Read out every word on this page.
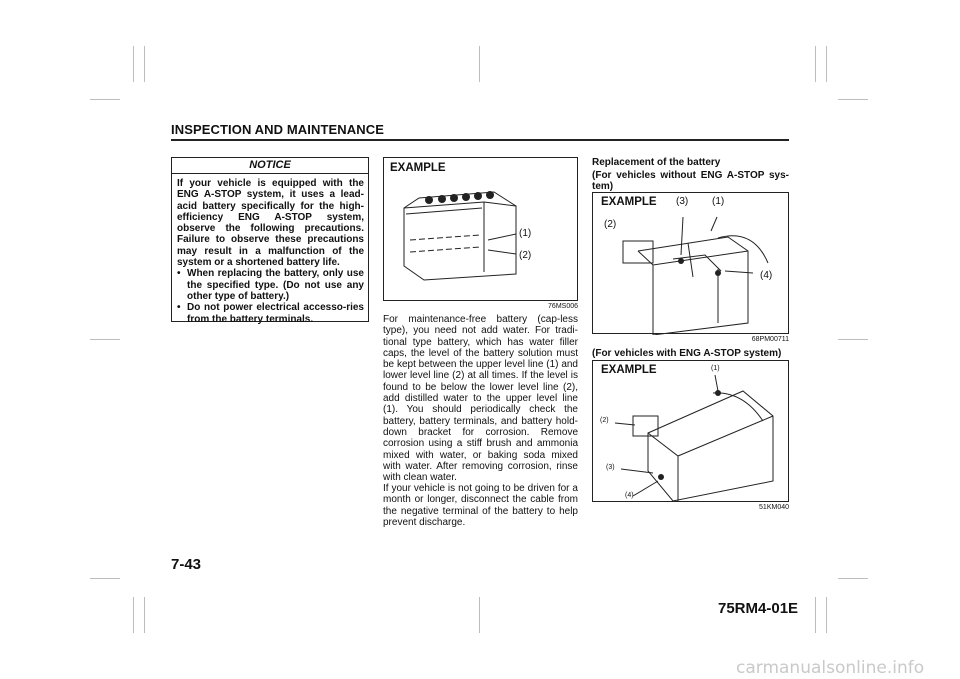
INSPECTION AND MAINTENANCE
NOTICE
If your vehicle is equipped with the ENG A-STOP system, it uses a lead-acid battery specifically for the high-efficiency ENG A-STOP system, observe the following precautions. Failure to observe these precautions may result in a malfunction of the system or a shortened battery life.
• When replacing the battery, only use the specified type. (Do not use any other type of battery.)
• Do not power electrical accesso-ries from the battery terminals.
EXAMPLE
(1)
(2)
76MS006
For maintenance-free battery (cap-less type), you need not add water. For tradi-tional type battery, which has water filler caps, the level of the battery solution must be kept between the upper level line (1) and lower level line (2) at all times. If the level is found to be below the lower level line (2), add distilled water to the upper level line (1). You should periodically check the battery, battery terminals, and battery hold-down bracket for corrosion. Remove corrosion using a stiff brush and ammonia mixed with water, or baking soda mixed with water. After removing corrosion, rinse with clean water.
If your vehicle is not going to be driven for a month or longer, disconnect the cable from the negative terminal of the battery to help prevent discharge.
Replacement of the battery
(For vehicles without ENG A-STOP sys-tem)
EXAMPLE (3) (1)
(2)
(4)
68PM00711
(For vehicles with ENG A-STOP system)
EXAMPLE	(1)
(2)
(3)
(4)
51KM040
7-43
75RM4-01E
carmanualsonline.info
